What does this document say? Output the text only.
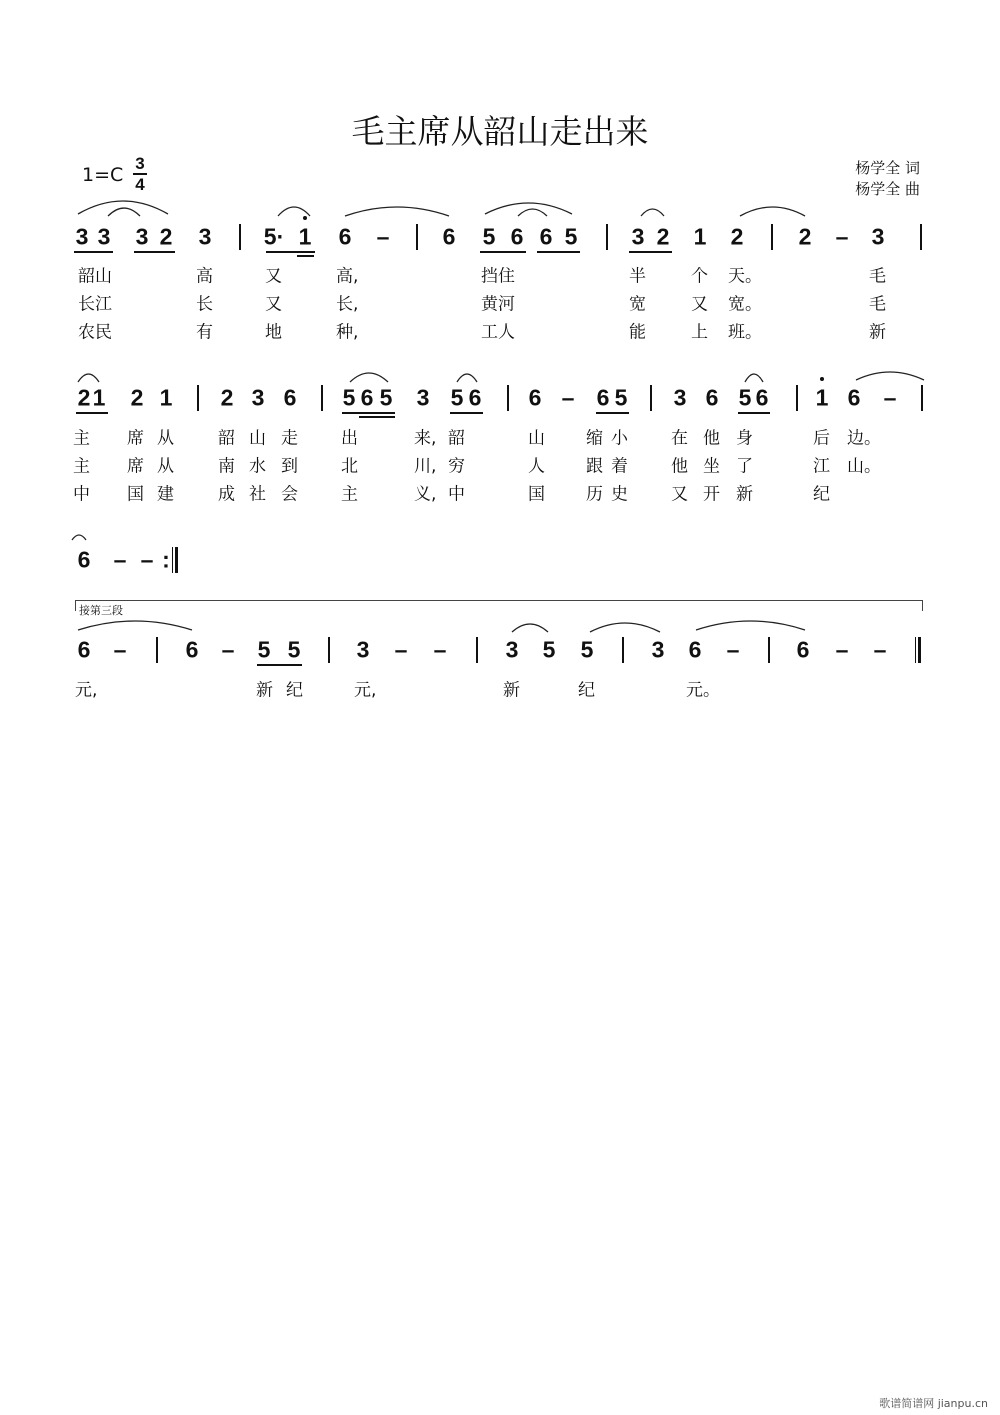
毛主席从韶山走出来
1=C
3
4
杨学全 词
杨学全 曲
接第三段
歌谱简谱网 jianpu.cn
3 3 3 2 3 5· 1 6 – 6 5 6 6 5 3 2 1 2 2 – 3
韶山	高	又	高,	挡住	半	个 天。	毛
长江	长	又	长,	黄河	宽	又 宽。	毛
农民	有	地	种,	工人	能	上 班。	新
2 1 2 1 2 3 6 5 6 5 3 5 6 6 – 6 5 3 6 5 6 1 6 –
主 席 从	韶 山 走	出	来, 韶	山 缩 小	在 他 身	后 边。
主 席 从	南 水 到	北	川, 穷	人 跟 着	他 坐 了	江 山。
中 国 建	成 社 会	主	义, 中	国 历 史	又 开 新	纪
6 – – :
6 –	6 – 5 5 3 – –	3 5 5	3 6 – 6 – –
元,	新 纪	元,	新	纪	元。
